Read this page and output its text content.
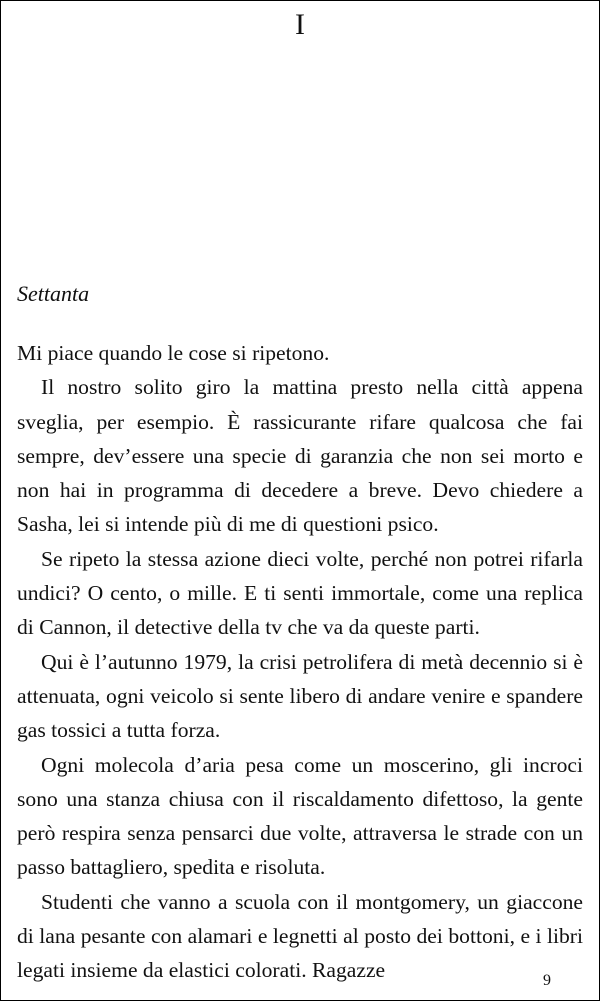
I
Settanta

Mi piace quando le cose si ripetono.

Il nostro solito giro la mattina presto nella città appena sveglia, per esempio. È rassicurante rifare qualcosa che fai sempre, dev’essere una specie di garanzia che non sei morto e non hai in programma di decedere a breve. Devo chiedere a Sasha, lei si intende più di me di questioni psico.

Se ripeto la stessa azione dieci volte, perché non potrei rifarla undici? O cento, o mille. E ti senti immortale, come una replica di Cannon, il detective della tv che va da queste parti.

Qui è l’autunno 1979, la crisi petrolifera di metà decennio si è attenuata, ogni veicolo si sente libero di andare venire e spandere gas tossici a tutta forza.

Ogni molecola d’aria pesa come un moscerino, gli incroci sono una stanza chiusa con il riscaldamento difettoso, la gente però respira senza pensarci due volte, attraversa le strade con un passo battagliero, spedita e risoluta.

Studenti che vanno a scuola con il montgomery, un giaccone di lana pesante con alamari e legnetti al posto dei bottoni, e i libri legati insieme da elastici colorati. Ragazze	9
